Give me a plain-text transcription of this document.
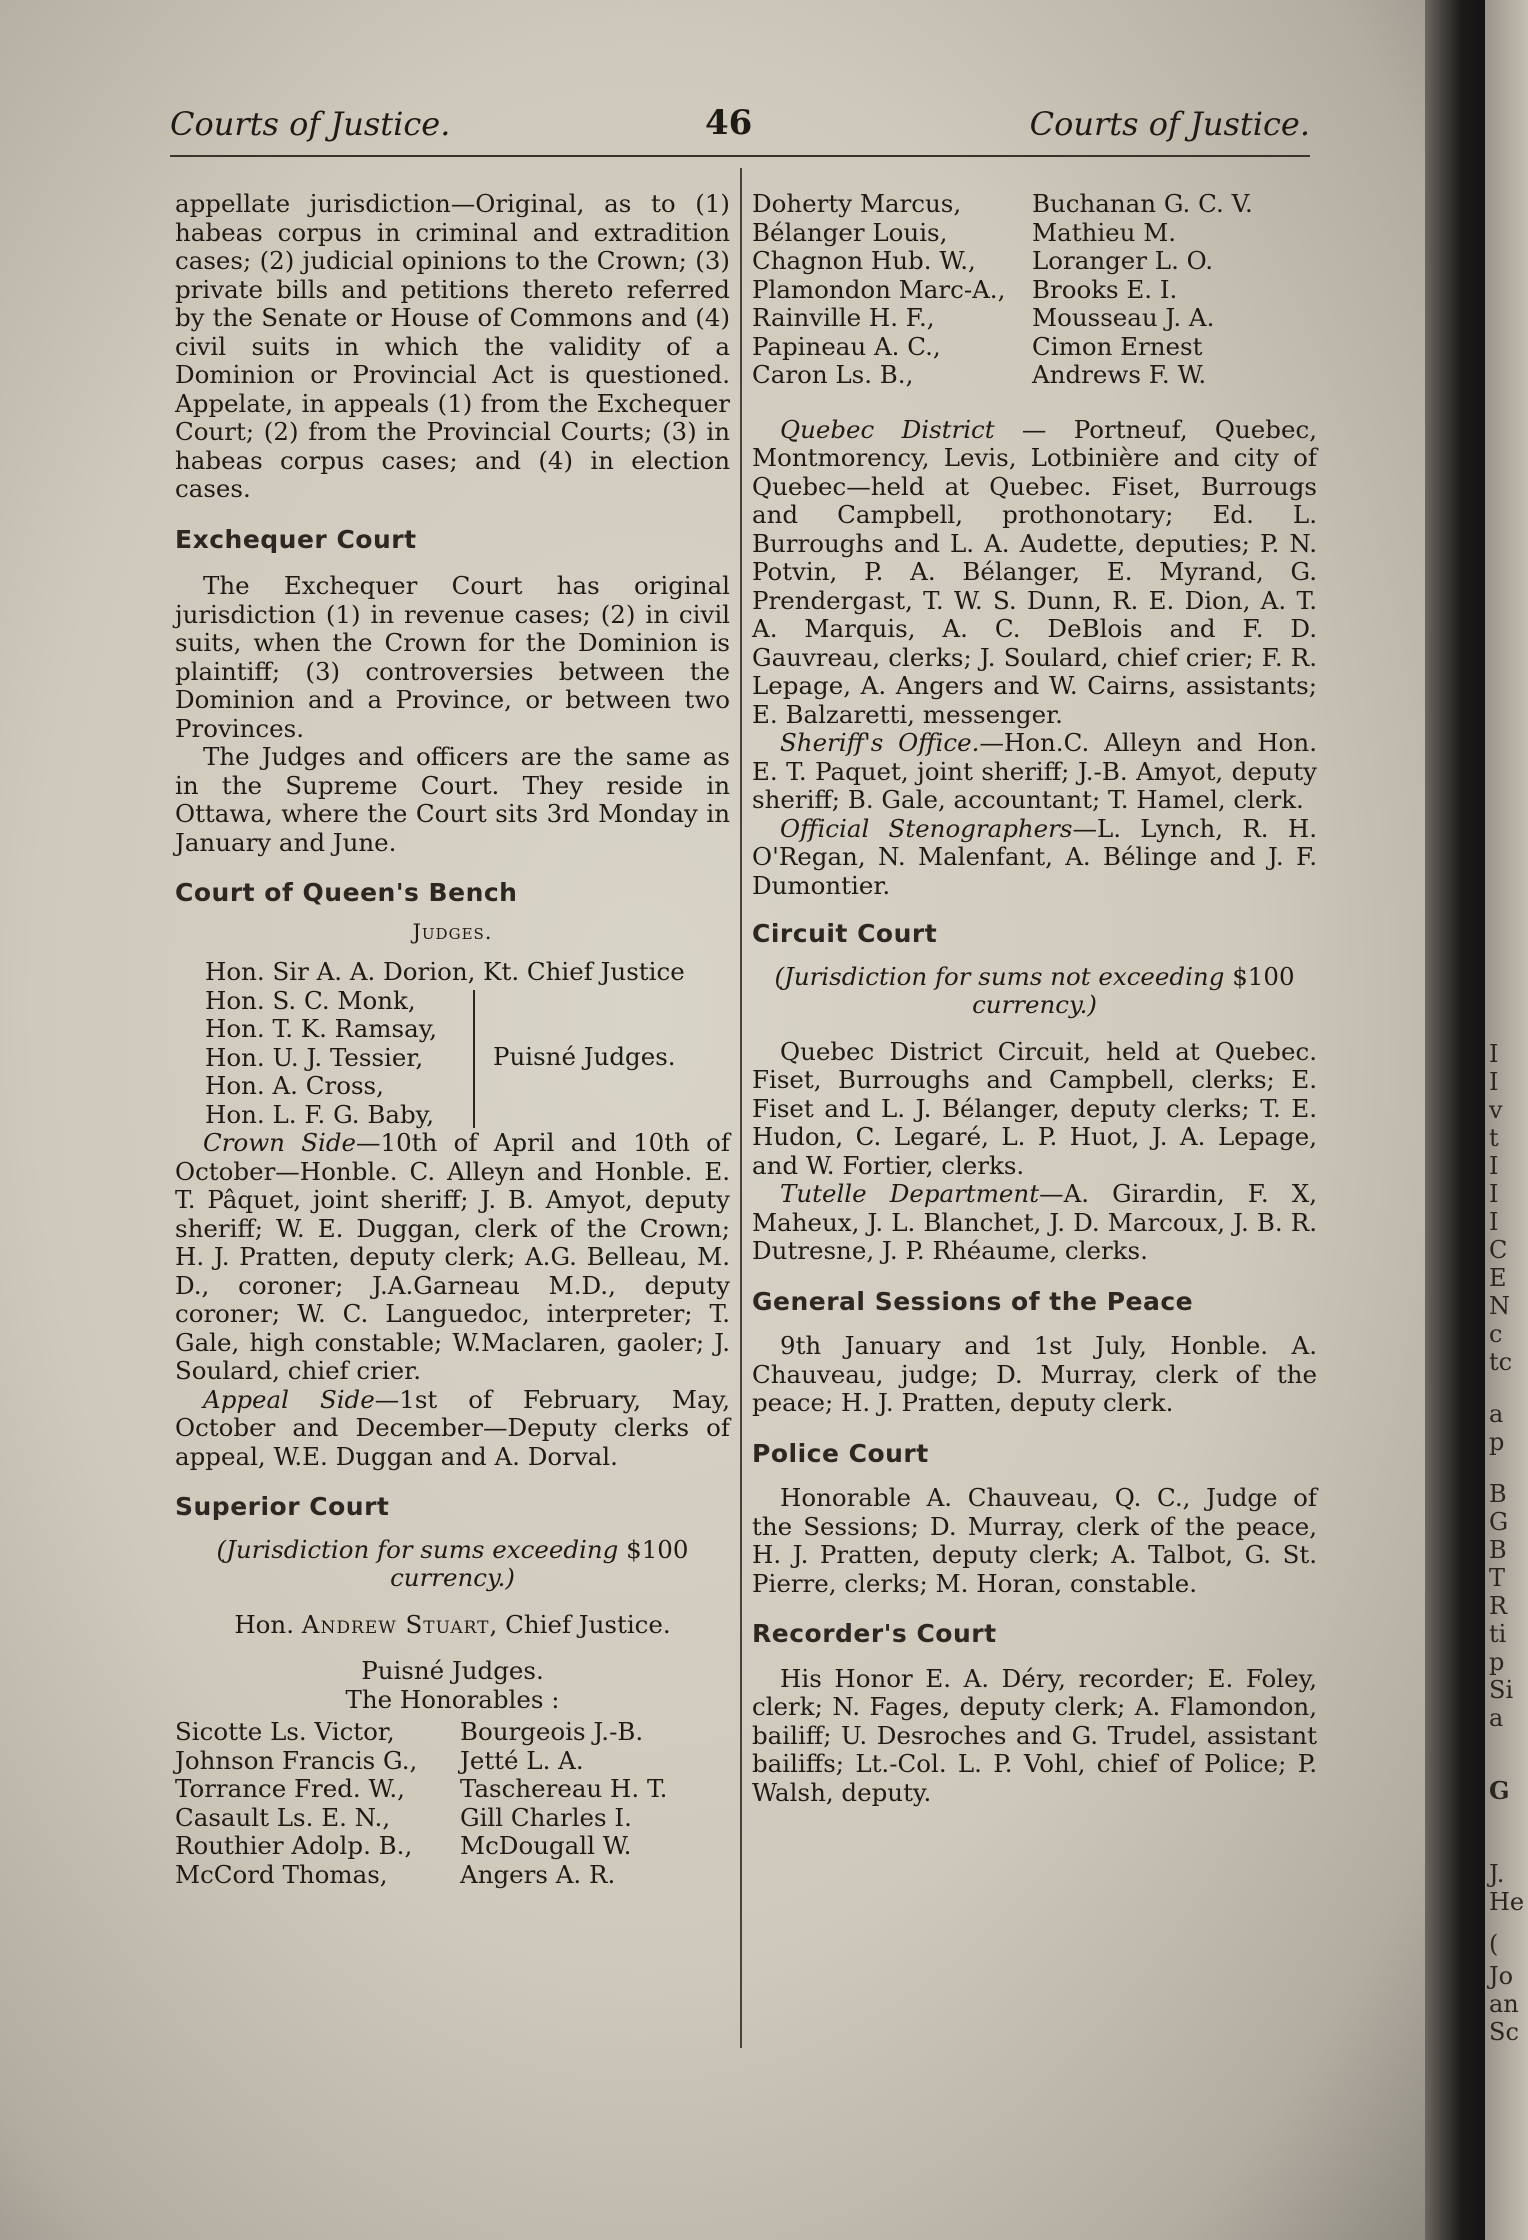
Courts of Justice.	46	Courts of Justice.

appellate jurisdiction—Original, as to (1) habeas corpus in criminal and extradition cases; (2) judicial opinions to the Crown; (3) private bills and petitions thereto referred by the Senate or House of Commons and (4) civil suits in which the validity of a Dominion or Provincial Act is questioned. Appelate, in appeals (1) from the Exchequer Court; (2) from the Provincial Courts; (3) in habeas corpus cases; and (4) in election cases.

Exchequer Court

The Exchequer Court has original jurisdiction (1) in revenue cases; (2) in civil suits, when the Crown for the Dominion is plaintiff; (3) controversies between the Dominion and a Province, or between two Provinces.

The Judges and officers are the same as in the Supreme Court. They reside in Ottawa, where the Court sits 3rd Monday in January and June.

Court of Queen's Bench

Judges.

Hon. Sir A. A. Dorion, Kt. Chief Justice

Hon. S. C. Monk,

Hon. T. K. Ramsay,

Hon. U. J. Tessier,

Hon. A. Cross,

Hon. L. F. G. Baby,

Puisné Judges.

Crown Side—10th of April and 10th of October—Honble. C. Alleyn and Honble. E. T. Pâquet, joint sheriff; J. B. Amyot, deputy sheriff; W. E. Duggan, clerk of the Crown; H. J. Pratten, deputy clerk; A.G. Belleau, M. D., coroner; J.A.Garneau M.D., deputy coroner; W. C. Languedoc, interpreter; T. Gale, high constable; W.Maclaren, gaoler; J. Soulard, chief crier.

Appeal Side—1st of February, May, October and December—Deputy clerks of appeal, W.E. Duggan and A. Dorval.

Superior Court

(Jurisdiction for sums exceeding $100 currency.)

Hon. Andrew Stuart, Chief Justice.

Puisné Judges.

The Honorables :

Sicotte Ls. Victor,	Bourgeois J.-B.
Johnson Francis G.,	Jetté L. A.
Torrance Fred. W.,	Taschereau H. T.
Casault Ls. E. N.,	Gill Charles I.
Routhier Adolp. B.,	McDougall W.
McCord Thomas,	Angers A. R.
Doherty Marcus,	Buchanan G. C. V.
Bélanger Louis,	Mathieu M.
Chagnon Hub. W.,	Loranger L. O.
Plamondon Marc-A.,	Brooks E. I.
Rainville H. F.,	Mousseau J. A.
Papineau A. C.,	Cimon Ernest
Caron Ls. B.,	Andrews F. W.

Quebec District — Portneuf, Quebec, Montmorency, Levis, Lotbinière and city of Quebec—held at Quebec. Fiset, Burrougs and Campbell, prothonotary; Ed. L. Burroughs and L. A. Audette, deputies; P. N. Potvin, P. A. Bélanger, E. Myrand, G. Prendergast, T. W. S. Dunn, R. E. Dion, A. T. A. Marquis, A. C. DeBlois and F. D. Gauvreau, clerks; J. Soulard, chief crier; F. R. Lepage, A. Angers and W. Cairns, assistants; E. Balzaretti, messenger.

Sheriff's Office.—Hon.C. Alleyn and Hon. E. T. Paquet, joint sheriff; J.-B. Amyot, deputy sheriff; B. Gale, accountant; T. Hamel, clerk.

Official Stenographers—L. Lynch, R. H. O'Regan, N. Malenfant, A. Bélinge and J. F. Dumontier.

Circuit Court

(Jurisdiction for sums not exceeding $100 currency.)

Quebec District Circuit, held at Quebec. Fiset, Burroughs and Campbell, clerks; E. Fiset and L. J. Bélanger, deputy clerks; T. E. Hudon, C. Legaré, L. P. Huot, J. A. Lepage, and W. Fortier, clerks.

Tutelle Department—A. Girardin, F. X, Maheux, J. L. Blanchet, J. D. Marcoux, J. B. R. Dutresne, J. P. Rhéaume, clerks.

General Sessions of the Peace

9th January and 1st July, Honble. A. Chauveau, judge; D. Murray, clerk of the peace; H. J. Pratten, deputy clerk.

Police Court

Honorable A. Chauveau, Q. C., Judge of the Sessions; D. Murray, clerk of the peace, H. J. Pratten, deputy clerk; A. Talbot, G. St. Pierre, clerks; M. Horan, constable.

Recorder's Court

His Honor E. A. Déry, recorder; E. Foley, clerk; N. Fages, deputy clerk; A. Flamondon, bailiff; U. Desroches and G. Trudel, assistant bailiffs; Lt.-Col. L. P. Vohl, chief of Police; P. Walsh, deputy.

I
I
v
t
I
I
I
C
E
N
c
tc
a
p
B
G
B
T
R
ti
p
Si
a
G
J.
He
(
Jo
an
Sc
